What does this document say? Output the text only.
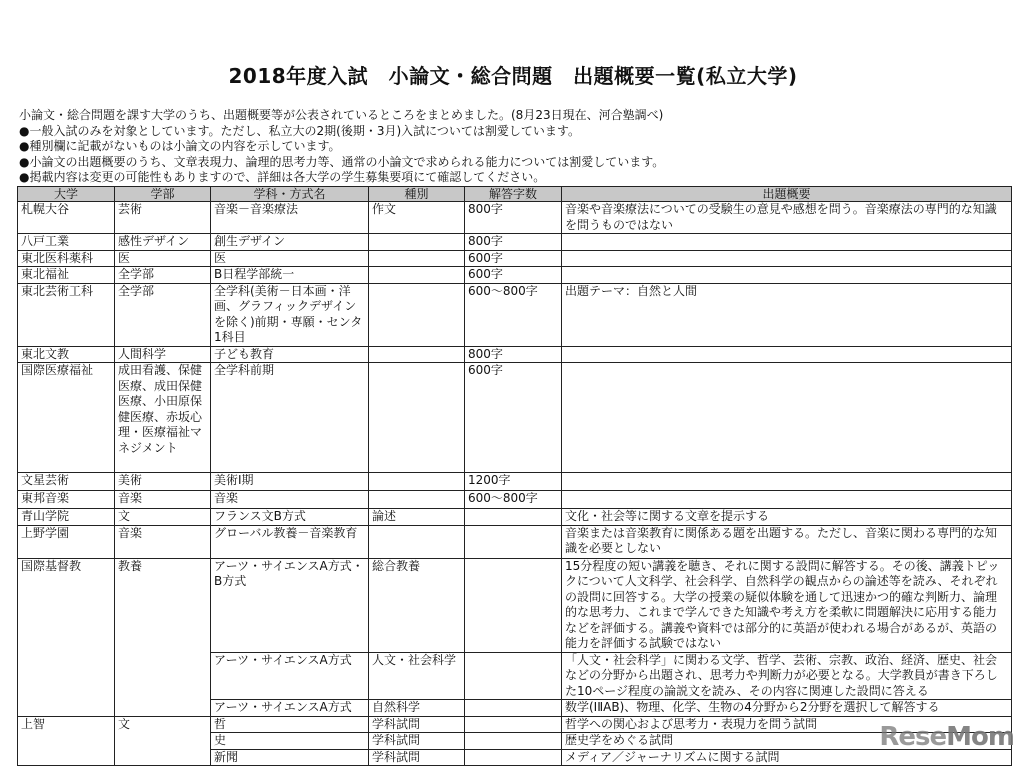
2018年度入試　小論文・総合問題　出題概要一覧(私立大学)
小論文・総合問題を課す大学のうち、出題概要等が公表されているところをまとめました。(8月23日現在、河合塾調べ)
●一般入試のみを対象としています。ただし、私立大の2期(後期・3月)入試については割愛しています。
●種別欄に記載がないものは小論文の内容を示しています。
●小論文の出題概要のうち、文章表現力、論理的思考力等、通常の小論文で求められる能力については割愛しています。
●掲載内容は変更の可能性もありますので、詳細は各大学の学生募集要項にて確認してください。
大学	学部	学科・方式名	種別	解答字数	出題概要
札幌大谷	芸術	音楽－音楽療法	作文	800字	音楽や音楽療法についての受験生の意見や感想を問う。音楽療法の専門的な知識を問うものではない
八戸工業	感性デザイン	創生デザイン		800字	
東北医科薬科	医	医		600字	
東北福祉	全学部	B日程学部統一		600字	
東北芸術工科	全学部	全学科(美術－日本画・洋画、グラフィックデザインを除く)前期・専願・センタ1科目		600～800字	出題テーマ：自然と人間
東北文教	人間科学	子ども教育		800字	
国際医療福祉	成田看護、保健医療、成田保健医療、小田原保健医療、赤坂心理・医療福祉マネジメント	全学科前期		600字	
文星芸術	美術	美術Ⅰ期		1200字	
東邦音楽	音楽	音楽		600～800字	
青山学院	文	フランス文B方式	論述		文化・社会等に関する文章を提示する
上野学園	音楽	グローバル教養－音楽教育			音楽または音楽教育に関係ある題を出題する。ただし、音楽に関わる専門的な知識を必要としない
国際基督教	教養	アーツ・サイエンスA方式・B方式	総合教養		15分程度の短い講義を聴き、それに関する設問に解答する。その後、講義トピックについて人文科学、社会科学、自然科学の観点からの論述等を読み、それぞれの設問に回答する。大学の授業の疑似体験を通して迅速かつ的確な判断力、論理的な思考力、これまで学んできた知識や考え方を柔軟に問題解決に応用する能力などを評価する。講義や資料では部分的に英語が使われる場合があるが、英語の能力を評価する試験ではない
		アーツ・サイエンスA方式	人文・社会科学		「人文・社会科学」に関わる文学、哲学、芸術、宗教、政治、経済、歴史、社会などの分野から出題され、思考力や判断力が必要となる。大学教員が書き下ろした10ページ程度の論説文を読み、その内容に関連した設問に答える
		アーツ・サイエンスA方式	自然科学		数学(ⅠⅡAB)、物理、化学、生物の4分野から2分野を選択して解答する
上智	文	哲	学科試問		哲学への関心および思考力・表現力を問う試問
		史	学科試問		歴史学をめぐる試問
		新聞	学科試問		メディア／ジャーナリズムに関する試問
ReseMom
